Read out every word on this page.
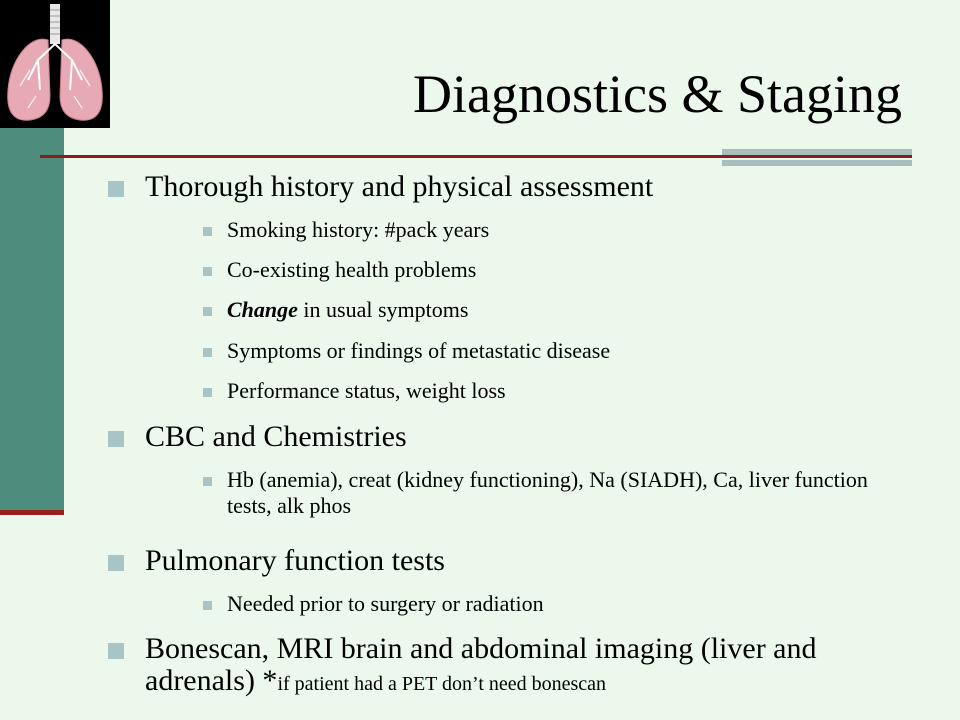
Diagnostics & Staging
Thorough history and physical assessment
Smoking history: #pack years
Co-existing health problems
Change in usual symptoms
Symptoms or findings of metastatic disease
Performance status, weight loss
CBC and Chemistries
Hb (anemia), creat (kidney functioning), Na (SIADH), Ca, liver function tests, alk phos
Pulmonary function tests
Needed prior to surgery or radiation
Bonescan, MRI brain and abdominal imaging (liver and adrenals) *if patient had a PET don’t need bonescan
